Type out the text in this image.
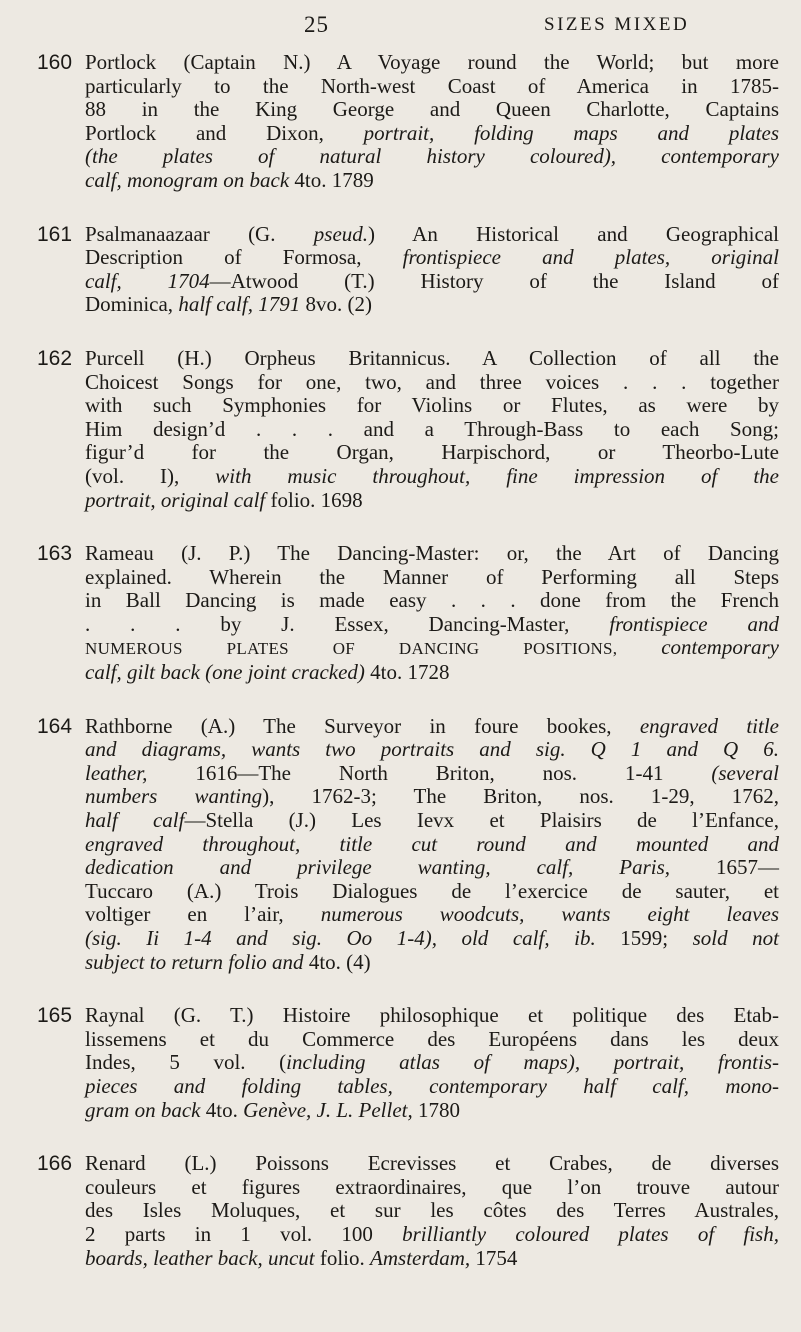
25	SIZES MIXED
160 Portlock (Captain N.) A Voyage round the World; but more
particularly to the North-west Coast of America in 1785-
88 in the King George and Queen Charlotte, Captains
Portlock and Dixon, portrait, folding maps and plates
(the plates of natural history coloured), contemporary
calf, monogram on back 4to. 1789
161 Psalmanaazaar (G. pseud.) An Historical and Geographical
Description of Formosa, frontispiece and plates, original
calf, 1704—Atwood (T.) History of the Island of
Dominica, half calf, 1791 8vo. (2)
162 Purcell (H.) Orpheus Britannicus. A Collection of all the
Choicest Songs for one, two, and three voices . . . together
with such Symphonies for Violins or Flutes, as were by
Him design’d . . . and a Through-Bass to each Song;
figur’d for the Organ, Harpischord, or Theorbo-Lute
(vol. I), with music throughout, fine impression of the
portrait, original calf folio. 1698
163 Rameau (J. P.) The Dancing-Master: or, the Art of Dancing
explained. Wherein the Manner of Performing all Steps
in Ball Dancing is made easy . . . done from the French
. . . by J. Essex, Dancing-Master, frontispiece and
NUMEROUS PLATES OF DANCING POSITIONS, contemporary
calf, gilt back (one joint cracked) 4to. 1728
164 Rathborne (A.) The Surveyor in foure bookes, engraved title
and diagrams, wants two portraits and sig. Q 1 and Q 6.
leather, 1616—The North Briton, nos. 1-41 (several
numbers wanting), 1762-3; The Briton, nos. 1-29, 1762,
half calf—Stella (J.) Les Ievx et Plaisirs de l’Enfance,
engraved throughout, title cut round and mounted and
dedication and privilege wanting, calf, Paris, 1657—
Tuccaro (A.) Trois Dialogues de l’exercice de sauter, et
voltiger en l’air, numerous woodcuts, wants eight leaves
(sig. Ii 1-4 and sig. Oo 1-4), old calf, ib. 1599; sold not
subject to return folio and 4to. (4)
165 Raynal (G. T.) Histoire philosophique et politique des Etab-
lissemens et du Commerce des Européens dans les deux
Indes, 5 vol. (including atlas of maps), portrait, frontis-
pieces and folding tables, contemporary half calf, mono-
gram on back 4to. Genève, J. L. Pellet, 1780
166 Renard (L.) Poissons Ecrevisses et Crabes, de diverses
couleurs et figures extraordinaires, que l’on trouve autour
des Isles Moluques, et sur les côtes des Terres Australes,
2 parts in 1 vol. 100 brilliantly coloured plates of fish,
boards, leather back, uncut folio. Amsterdam, 1754
